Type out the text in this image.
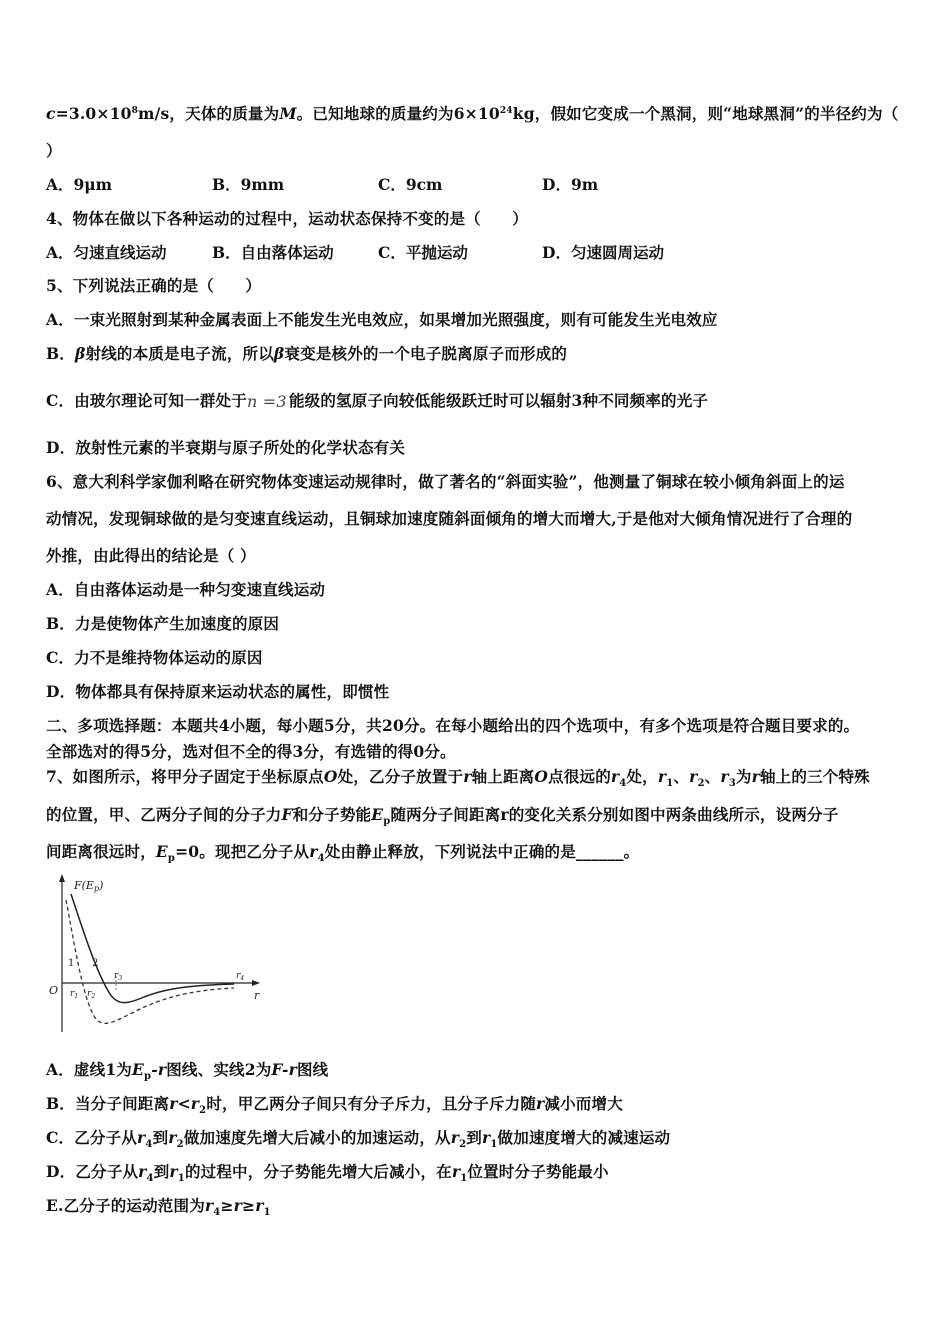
$c=3.0\times 10^8m/s$，天体的质量为M。已知地球的质量约为$6\times 10^{24}kg$，假如它变成一个黑洞，则“地球黑洞”的半径约为（
）
A．9μm	B．9mm	C．9cm	D．9m
4、物体在做以下各种运动的过程中，运动状态保持不变的是（　　）
A．匀速直线运动	B．自由落体运动	C．平抛运动	D．匀速圆周运动
5、下列说法正确的是（　　）
A．一束光照射到某种金属表面上不能发生光电效应，如果增加光照强度，则有可能发生光电效应
B．β射线的本质是电子流，所以β衰变是核外的一个电子脱离原子而形成的
C．由玻尔理论可知一群处于 n =3 能级的氢原子向较低能级跃迁时可以辐射3种不同频率的光子
D．放射性元素的半衰期与原子所处的化学状态有关
6、意大利科学家伽利略在研究物体变速运动规律时，做了著名的“斜面实验”，他测量了铜球在较小倾角斜面上的运
动情况，发现铜球做的是匀变速直线运动，且铜球加速度随斜面倾角的增大而增大,于是他对大倾角情况进行了合理的
外推，由此得出的结论是（ ）
A．自由落体运动是一种匀变速直线运动
B．力是使物体产生加速度的原因
C．力不是维持物体运动的原因
D．物体都具有保持原来运动状态的属性，即惯性
二、多项选择题：本题共4小题，每小题5分，共20分。在每小题给出的四个选项中，有多个选项是符合题目要求的。
全部选对的得5分，选对但不全的得3分，有选错的得0分。
7、如图所示，将甲分子固定于坐标原点O处，乙分子放置于r轴上距离O点很远的$r_4$处，$r_1$、$r_2$、$r_3$为r轴上的三个特殊
的位置，甲、乙两分子间的分子力F和分子势能$E_p$随两分子间距离r的变化关系分别如图中两条曲线所示，设两分子
间距离很远时，$E_p=0$。现把乙分子从$r_4$处由静止释放，下列说法中正确的是______。
F(Ep)
O	r
1 2
$r_1$ $r_2$
$r_3$	$r_4$
A．虚线1为$E_p-r$图线、实线2为F-r图线
B．当分子间距离$r<r_2$时，甲乙两分子间只有分子斥力，且分子斥力随r减小而增大
C．乙分子从$r_4$到$r_2$做加速度先增大后减小的加速运动，从$r_2$到$r_1$做加速度增大的减速运动
D．乙分子从$r_4$到$r_1$的过程中，分子势能先增大后减小，在$r_1$位置时分子势能最小
E.乙分子的运动范围为$r_4\ge r\ge r_1$
